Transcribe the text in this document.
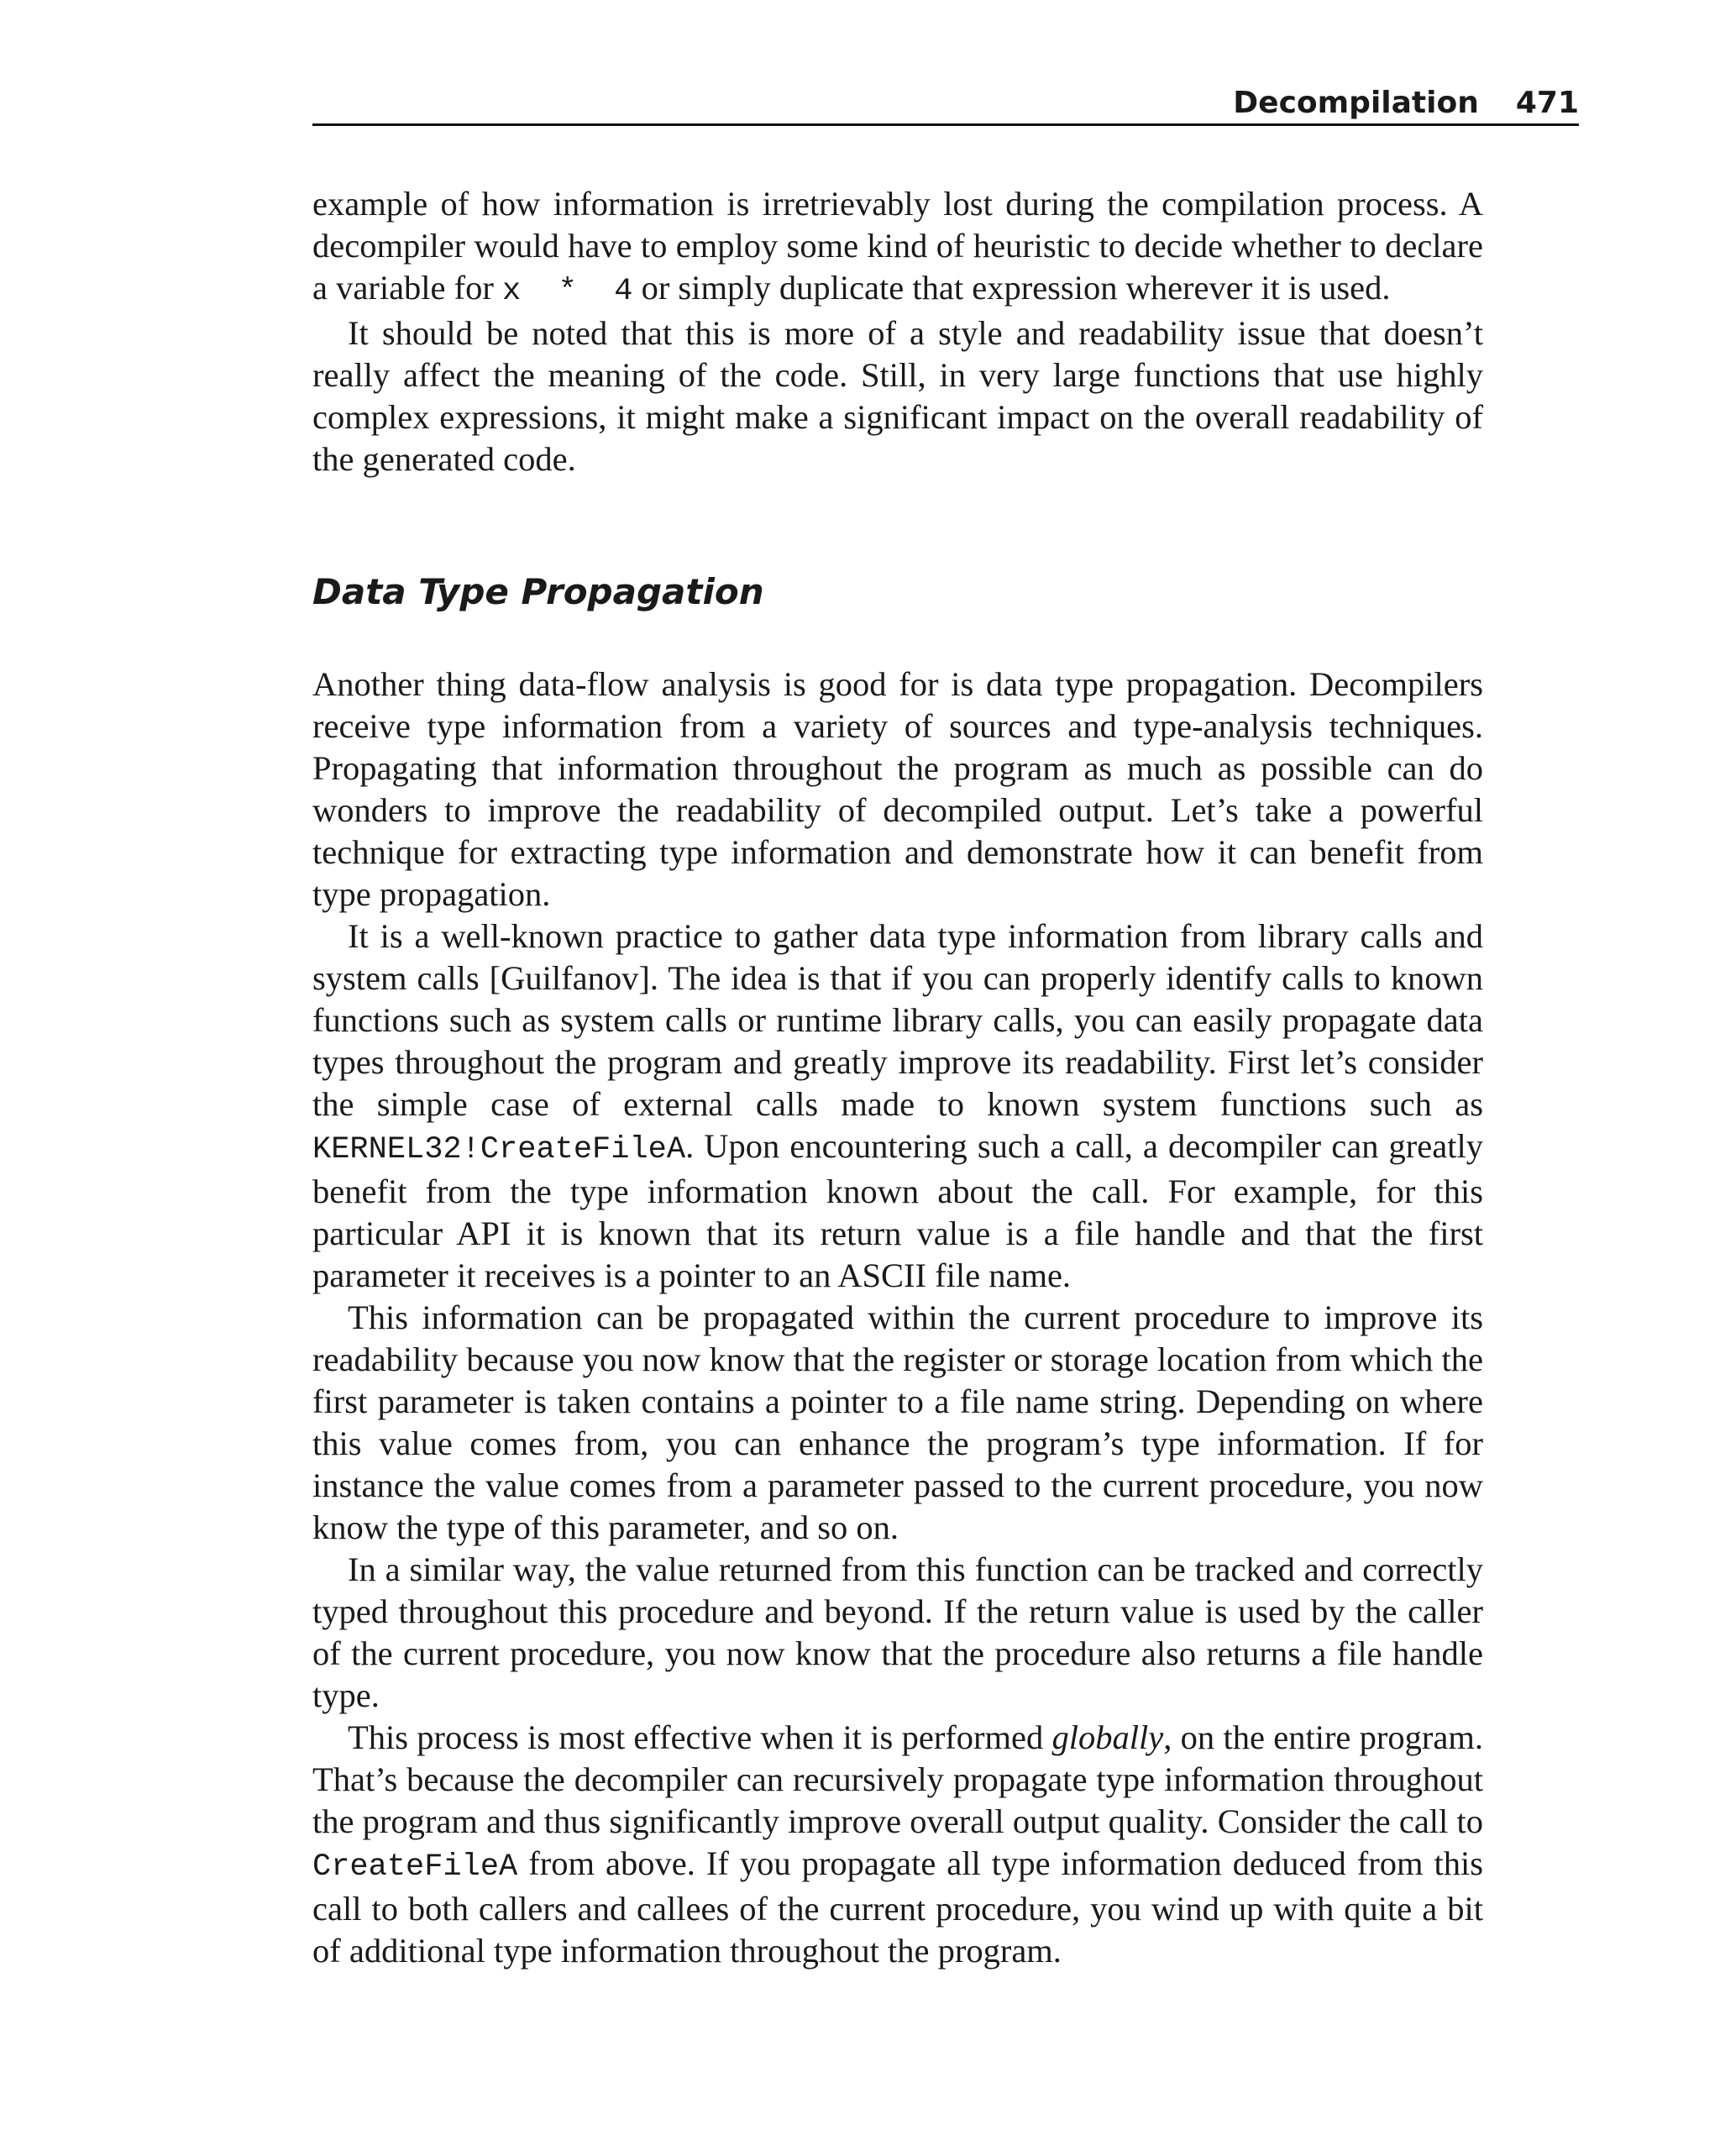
Decompilation 471

example of how information is irretrievably lost during the compilation process. A decompiler would have to employ some kind of heuristic to decide whether to declare a variable for x  *  4 or simply duplicate that expression wherever it is used.

It should be noted that this is more of a style and readability issue that doesn’t really affect the meaning of the code. Still, in very large functions that use highly complex expressions, it might make a significant impact on the overall readability of the generated code.

Data Type Propagation

Another thing data-flow analysis is good for is data type propagation. Decompilers receive type information from a variety of sources and type-analysis techniques. Propagating that information throughout the program as much as possible can do wonders to improve the readability of decompiled output. Let’s take a powerful technique for extracting type information and demonstrate how it can benefit from type propagation.

It is a well-known practice to gather data type information from library calls and system calls [Guilfanov]. The idea is that if you can properly identify calls to known functions such as system calls or runtime library calls, you can easily propagate data types throughout the program and greatly improve its readability. First let’s consider the simple case of external calls made to known system functions such as KERNEL32!CreateFileA. Upon encountering such a call, a decompiler can greatly benefit from the type information known about the call. For example, for this particular API it is known that its return value is a file handle and that the first parameter it receives is a pointer to an ASCII file name.

This information can be propagated within the current procedure to improve its readability because you now know that the register or storage location from which the first parameter is taken contains a pointer to a file name string. Depending on where this value comes from, you can enhance the program’s type information. If for instance the value comes from a parameter passed to the current procedure, you now know the type of this parameter, and so on.

In a similar way, the value returned from this function can be tracked and correctly typed throughout this procedure and beyond. If the return value is used by the caller of the current procedure, you now know that the procedure also returns a file handle type.

This process is most effective when it is performed globally, on the entire program. That’s because the decompiler can recursively propagate type information throughout the program and thus significantly improve overall output quality. Consider the call to CreateFileA from above. If you propagate all type information deduced from this call to both callers and callees of the current procedure, you wind up with quite a bit of additional type information throughout the program.
